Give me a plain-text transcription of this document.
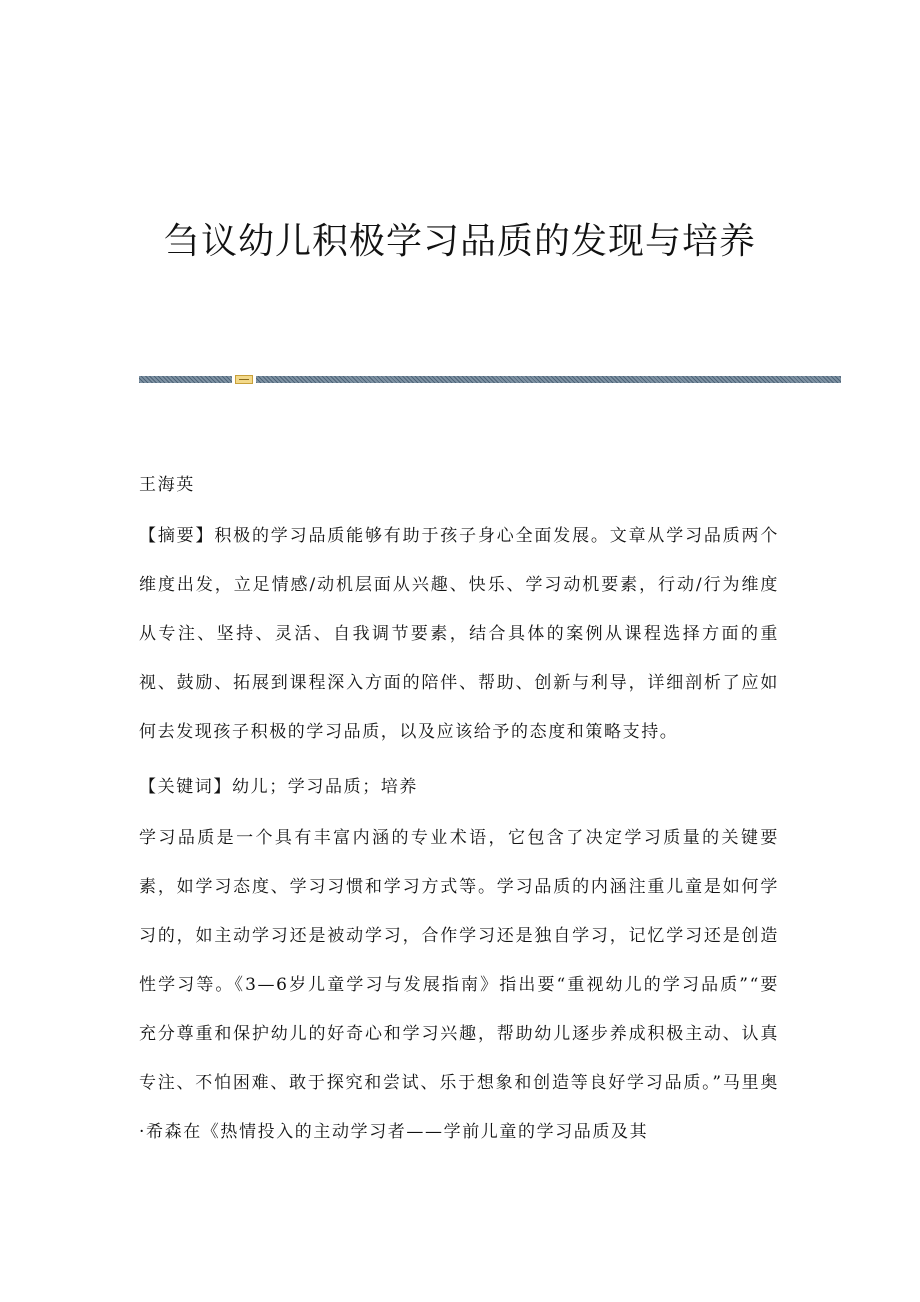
刍议幼儿积极学习品质的发现与培养

王海英

【摘要】积极的学习品质能够有助于孩子身心全面发展。文章从学习品质两个维度出发，立足情感/动机层面从兴趣、快乐、学习动机要素，行动/行为维度从专注、坚持、灵活、自我调节要素，结合具体的案例从课程选择方面的重视、鼓励、拓展到课程深入方面的陪伴、帮助、创新与利导，详细剖析了应如何去发现孩子积极的学习品质，以及应该给予的态度和策略支持。

【关键词】幼儿；学习品质；培养

学习品质是一个具有丰富内涵的专业术语，它包含了决定学习质量的关键要素，如学习态度、学习习惯和学习方式等。学习品质的内涵注重儿童是如何学习的，如主动学习还是被动学习，合作学习还是独自学习，记忆学习还是创造性学习等。《3—6岁儿童学习与发展指南》指出要“重视幼儿的学习品质”“要充分尊重和保护幼儿的好奇心和学习兴趣，帮助幼儿逐步养成积极主动、认真专注、不怕困难、敢于探究和尝试、乐于想象和创造等良好学习品质。”马里奥·希森在《热情投入的主动学习者——学前儿童的学习品质及其
